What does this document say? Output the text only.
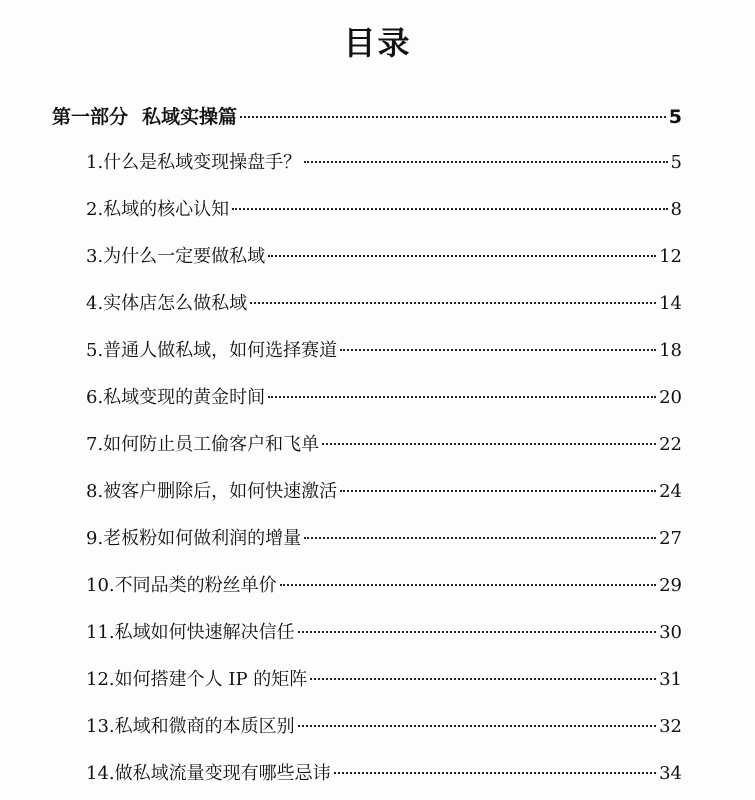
目录
第一部分 私域实操篇	5
1.什么是私域变现操盘手？	5
2.私域的核心认知	8
3.为什么一定要做私域	12
4.实体店怎么做私域	14
5.普通人做私域，如何选择赛道	18
6.私域变现的黄金时间	20
7.如何防止员工偷客户和飞单	22
8.被客户删除后，如何快速激活	24
9.老板粉如何做利润的增量	27
10.不同品类的粉丝单价	29
11.私域如何快速解决信任	30
12.如何搭建个人 IP 的矩阵	31
13.私域和微商的本质区别	32
14.做私域流量变现有哪些忌讳	34
